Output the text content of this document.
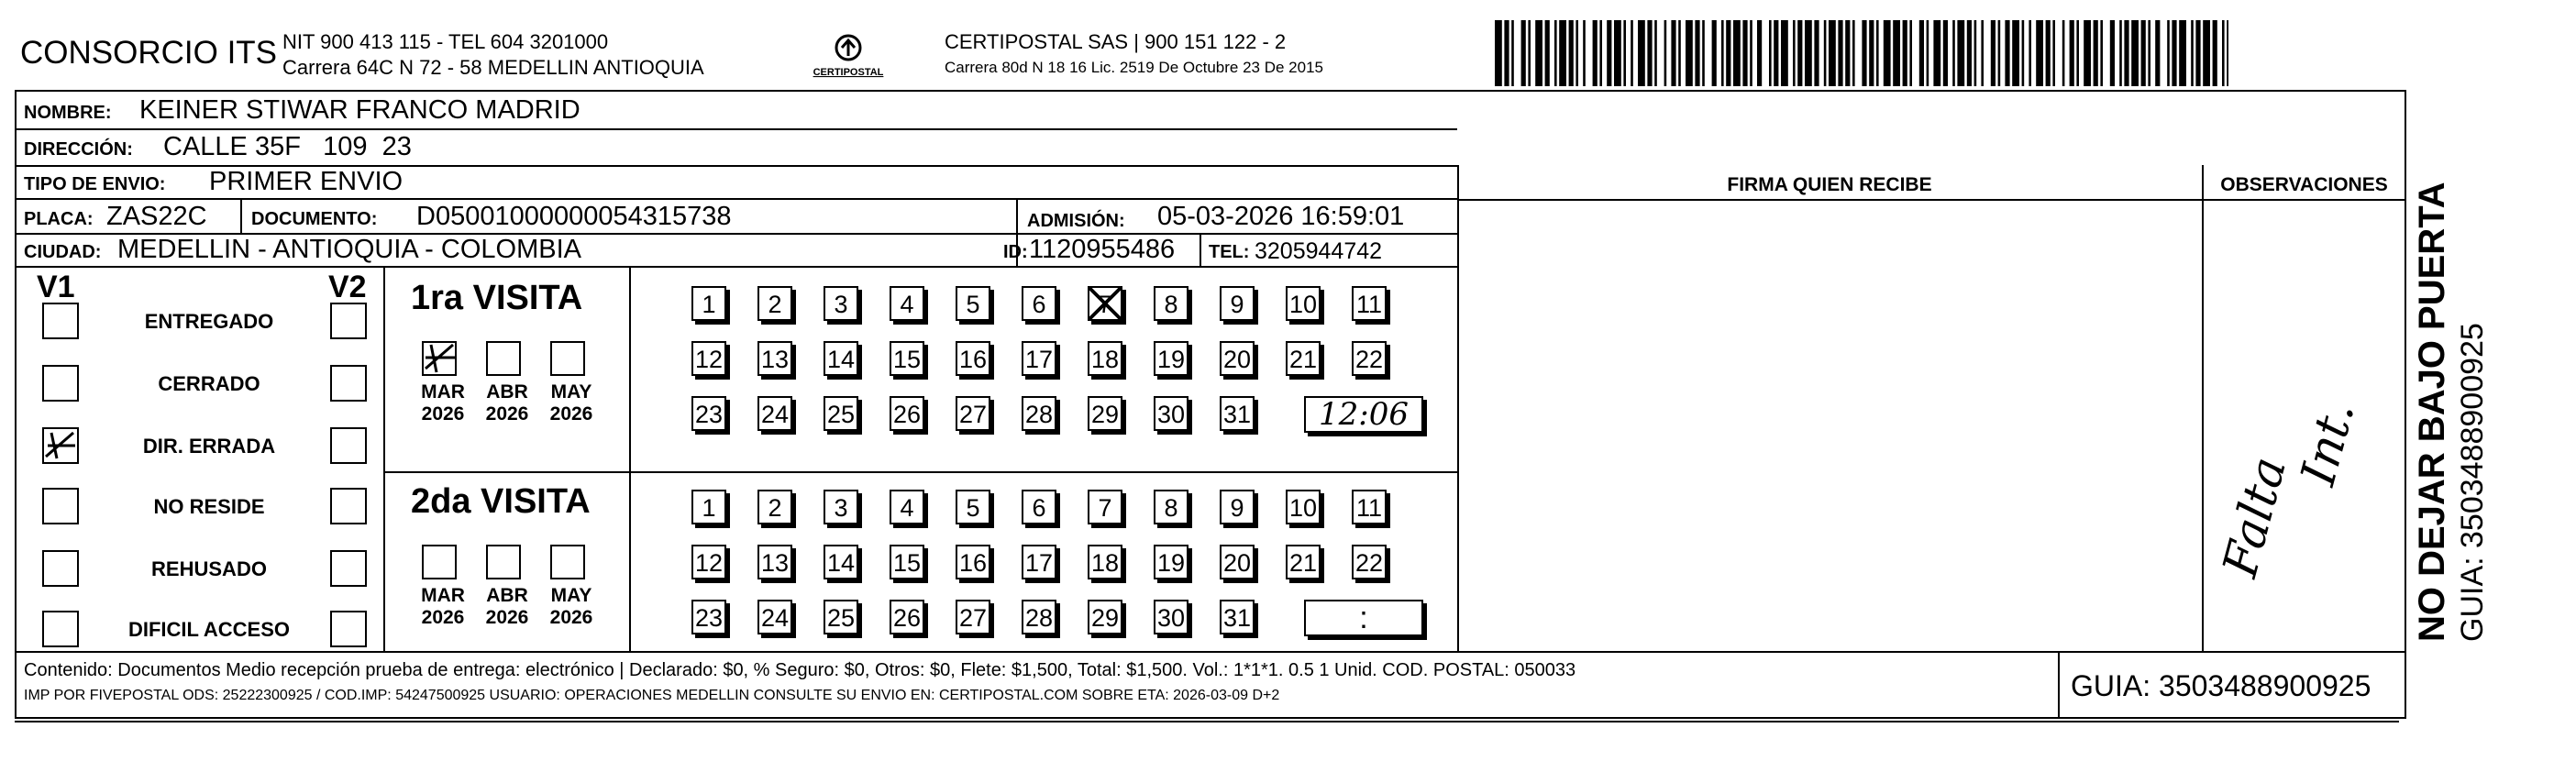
CONSORCIO ITS NIT 900 413 115 - TEL 604 3201000
Carrera 64C N 72 - 58 MEDELLIN ANTIOQUIA	CERTIPOSTAL
CERTIPOSTAL SAS | 900 151 122 - 2
Carrera 80d N 18 16 Lic. 2519 De Octubre 23 De 2015
NOMBRE: KEINER STIWAR FRANCO MADRID
DIRECCIÓN: CALLE 35F   109  23
FIRMA QUIEN RECIBE	OBSERVACIONES
Falta
Int.
TIPO DE ENVIO: PRIMER ENVIO
PLACA: ZAS22C DOCUMENTO: D05001000000054315738	ADMISIÓN: 05-03-2026 16:59:01
CIUDAD: MEDELLIN - ANTIOQUIA - COLOMBIA	ID: 1120955486 TEL: 3205944742
V1	V2
ENTREGADO
CERRADO
DIR. ERRADA
NO RESIDE
REHUSADO
DIFICIL ACCESO
1ra VISITA
MAR
2026
ABR
2026
MAY
2026
1	2	3	4	5	6	7	8	9	10 11
12 13 14 15 16 17 18 19 20 21 22
23 24 25 26 27 28 29 30 31	12:06
2da VISITA
MAR
2026
ABR
2026
MAY
2026
1	2	3	4	5	6	7	8	9	10 11
12 13 14 15 16 17 18 19 20 21 22
23 24 25 26 27 28 29 30 31	:
Contenido: Documentos Medio recepción prueba de entrega: electrónico | Declarado: $0, % Seguro: $0, Otros: $0, Flete: $1,500, Total: $1,500. Vol.: 1*1*1. 0.5 1 Unid. COD. POSTAL: 050033
IMP POR FIVEPOSTAL ODS: 25222300925 / COD.IMP: 54247500925 USUARIO: OPERACIONES MEDELLIN CONSULTE SU ENVIO EN: CERTIPOSTAL.COM SOBRE ETA: 2026-03-09 D+2	GUIA: 3503488900925
NO DEJAR BAJO PUERTA GUIA: 3503488900925
